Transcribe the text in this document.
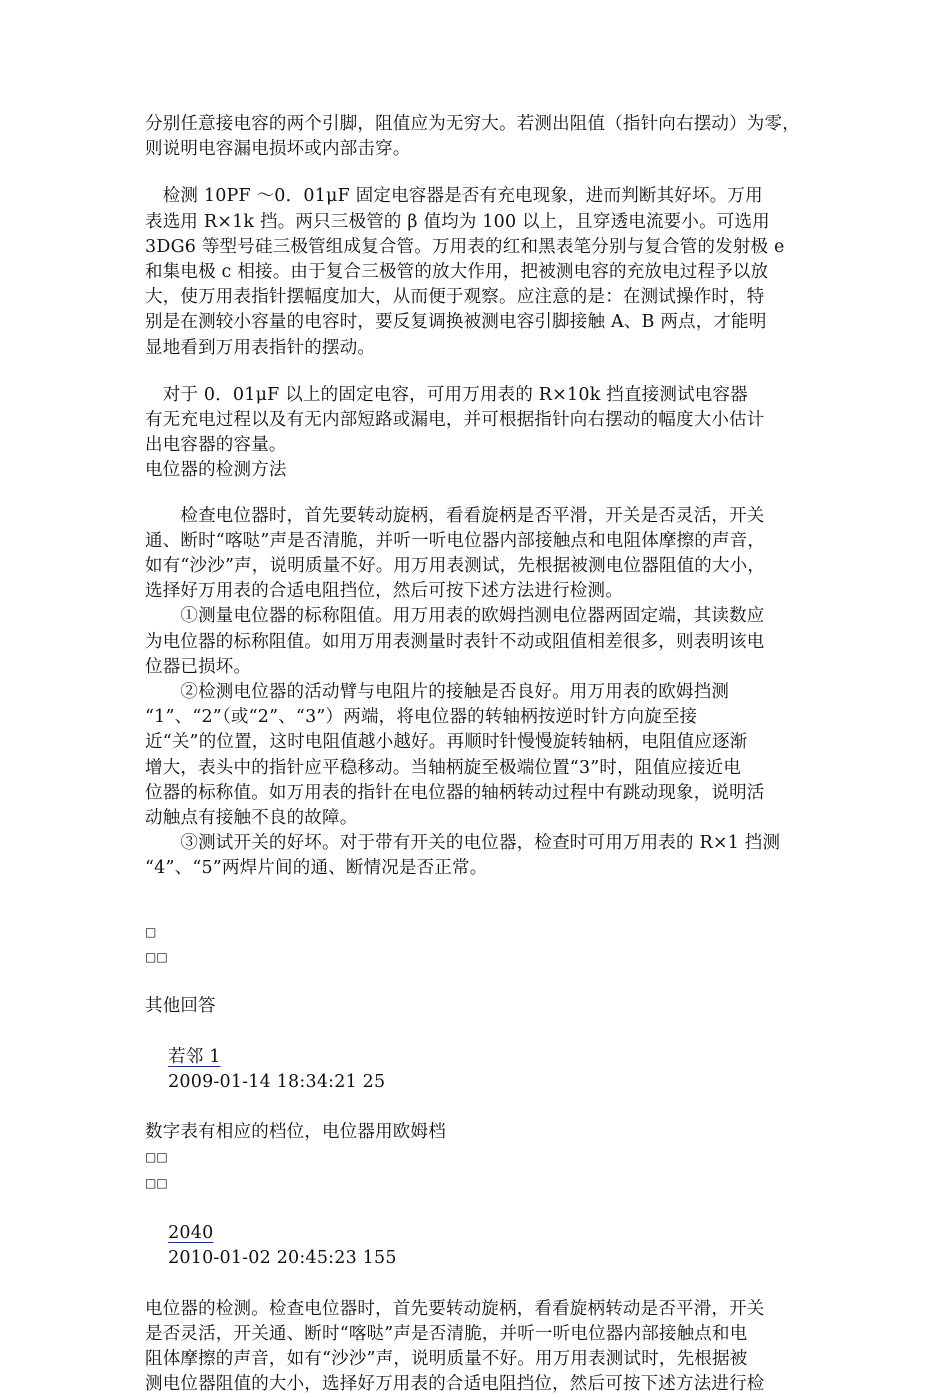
分别任意接电容的两个引脚，阻值应为无穷大。若测出阻值（指针向右摆动）为零，
则说明电容漏电损坏或内部击穿。

　检测 10PF ～0．01μF 固定电容器是否有充电现象，进而判断其好坏。万用
表选用 R×1k 挡。两只三极管的 β 值均为 100 以上，且穿透电流要小。可选用
3DG6 等型号硅三极管组成复合管。万用表的红和黑表笔分别与复合管的发射极 e
和集电极 c 相接。由于复合三极管的放大作用，把被测电容的充放电过程予以放
大，使万用表指针摆幅度加大，从而便于观察。应注意的是：在测试操作时，特
别是在测较小容量的电容时，要反复调换被测电容引脚接触 A、B 两点，才能明
显地看到万用表指针的摆动。

　对于 0．01μF 以上的固定电容，可用万用表的 R×10k 挡直接测试电容器
有无充电过程以及有无内部短路或漏电，并可根据指针向右摆动的幅度大小估计
出电容器的容量。

电位器的检测方法

　　检查电位器时，首先要转动旋柄，看看旋柄是否平滑，开关是否灵活，开关
通、断时“喀哒”声是否清脆，并听一听电位器内部接触点和电阻体摩擦的声音，
如有“沙沙”声，说明质量不好。用万用表测试，先根据被测电位器阻值的大小，
选择好万用表的合适电阻挡位，然后可按下述方法进行检测。

　　①测量电位器的标称阻值。用万用表的欧姆挡测电位器两固定端，其读数应
为电位器的标称阻值。如用万用表测量时表针不动或阻值相差很多，则表明该电
位器已损坏。

　　②检测电位器的活动臂与电阻片的接触是否良好。用万用表的欧姆挡测
“1”、“2”（或“2”、“3”）两端，将电位器的转轴柄按逆时针方向旋至接
近“关”的位置，这时电阻值越小越好。再顺时针慢慢旋转轴柄，电阻值应逐渐
增大，表头中的指针应平稳移动。当轴柄旋至极端位置“3”时，阻值应接近电
位器的标称值。如万用表的指针在电位器的轴柄转动过程中有跳动现象，说明活
动触点有接触不良的故障。

　　③测试开关的好坏。对于带有开关的电位器，检查时可用万用表的 R×1 挡测
“4”、“5”两焊片间的通、断情况是否正常。

□

□□

其他回答

若邻 1
2009-01-14 18:34:21 25

数字表有相应的档位，电位器用欧姆档

□□

□□

2040
2010-01-02 20:45:23 155

电位器的检测。检查电位器时，首先要转动旋柄，看看旋柄转动是否平滑，开关
是否灵活，开关通、断时“喀哒”声是否清脆，并听一听电位器内部接触点和电
阻体摩擦的声音，如有“沙沙”声，说明质量不好。用万用表测试时，先根据被
测电位器阻值的大小，选择好万用表的合适电阻挡位，然后可按下述方法进行检
